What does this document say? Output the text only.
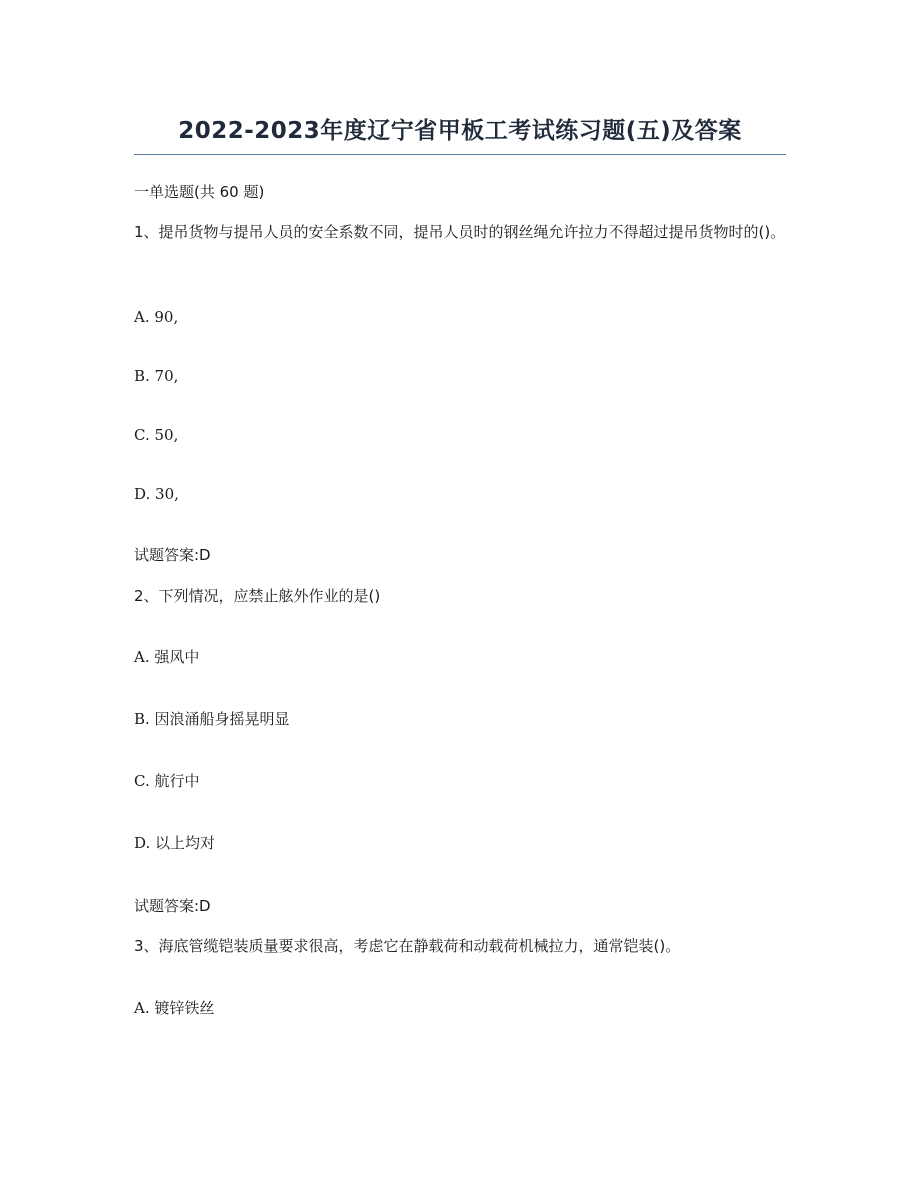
2022-2023年度辽宁省甲板工考试练习题(五)及答案
一单选题(共 60 题)
1、提吊货物与提吊人员的安全系数不同，提吊人员时的钢丝绳允许拉力不得超过提吊货物时的()。
A. 90,
B. 70,
C. 50,
D. 30,
试题答案:D
2、下列情况，应禁止舷外作业的是()
A. 强风中
B. 因浪涌船身摇晃明显
C. 航行中
D. 以上均对
试题答案:D
3、海底管缆铠装质量要求很高，考虑它在静载荷和动载荷机械拉力，通常铠装()。
A. 镀锌铁丝
